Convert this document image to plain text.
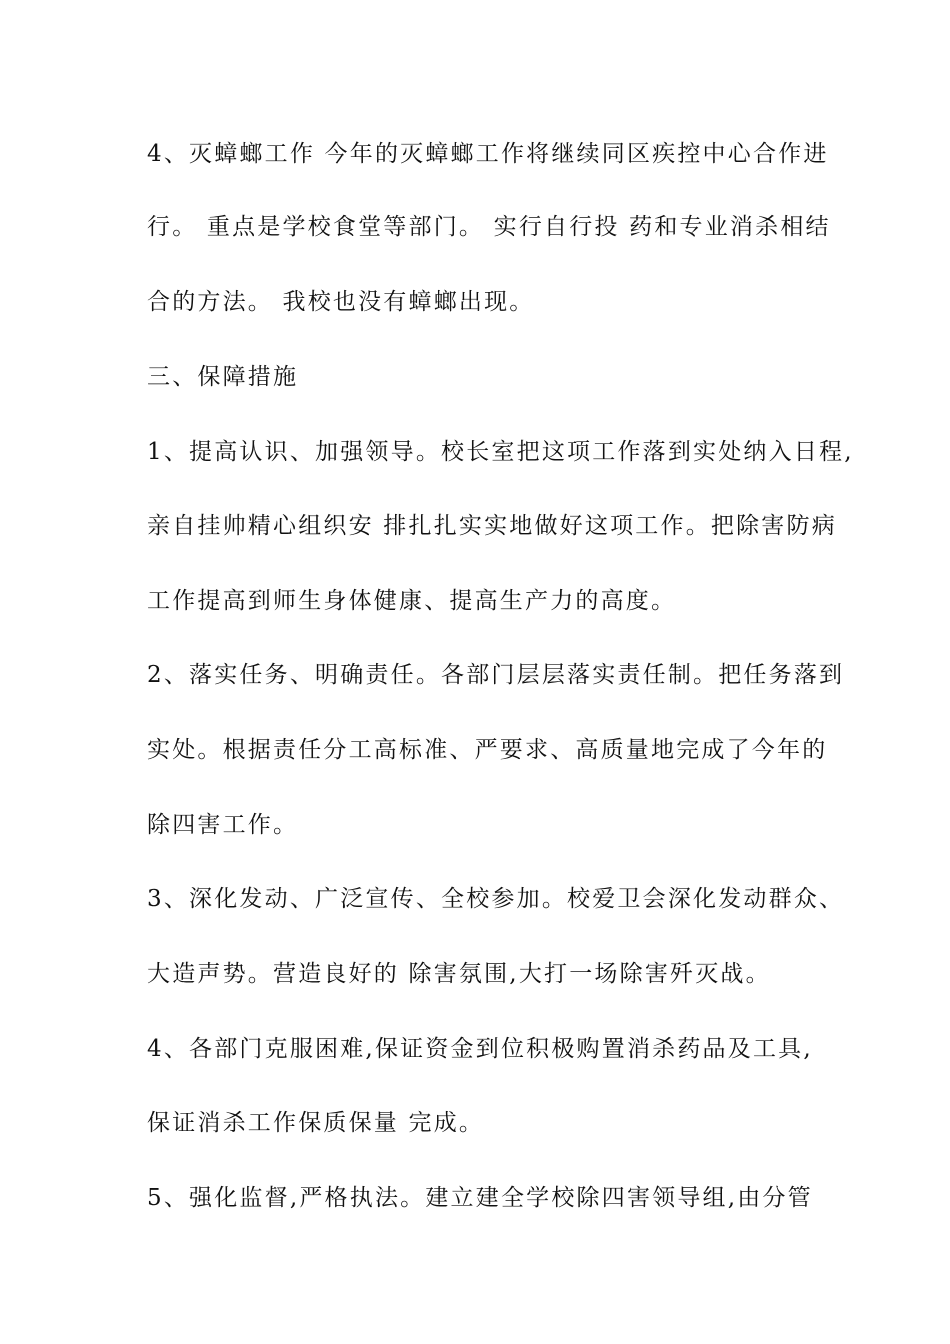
4、灭蟑螂工作 今年的灭蟑螂工作将继续同区疾控中心合作进
行。 重点是学校食堂等部门。 实行自行投 药和专业消杀相结
合的方法。 我校也没有蟑螂出现。
三、保障措施
1、提高认识、加强领导。校长室把这项工作落到实处纳入日程,
亲自挂帅精心组织安 排扎扎实实地做好这项工作。把除害防病
工作提高到师生身体健康、提高生产力的高度。
2、落实任务、明确责任。各部门层层落实责任制。把任务落到
实处。根据责任分工高标准、严要求、高质量地完成了今年的
除四害工作。
3、深化发动、广泛宣传、全校参加。校爱卫会深化发动群众、
大造声势。营造良好的 除害氛围,大打一场除害歼灭战。
4、各部门克服困难,保证资金到位积极购置消杀药品及工具,
保证消杀工作保质保量 完成。
5、强化监督,严格执法。建立建全学校除四害领导组,由分管
